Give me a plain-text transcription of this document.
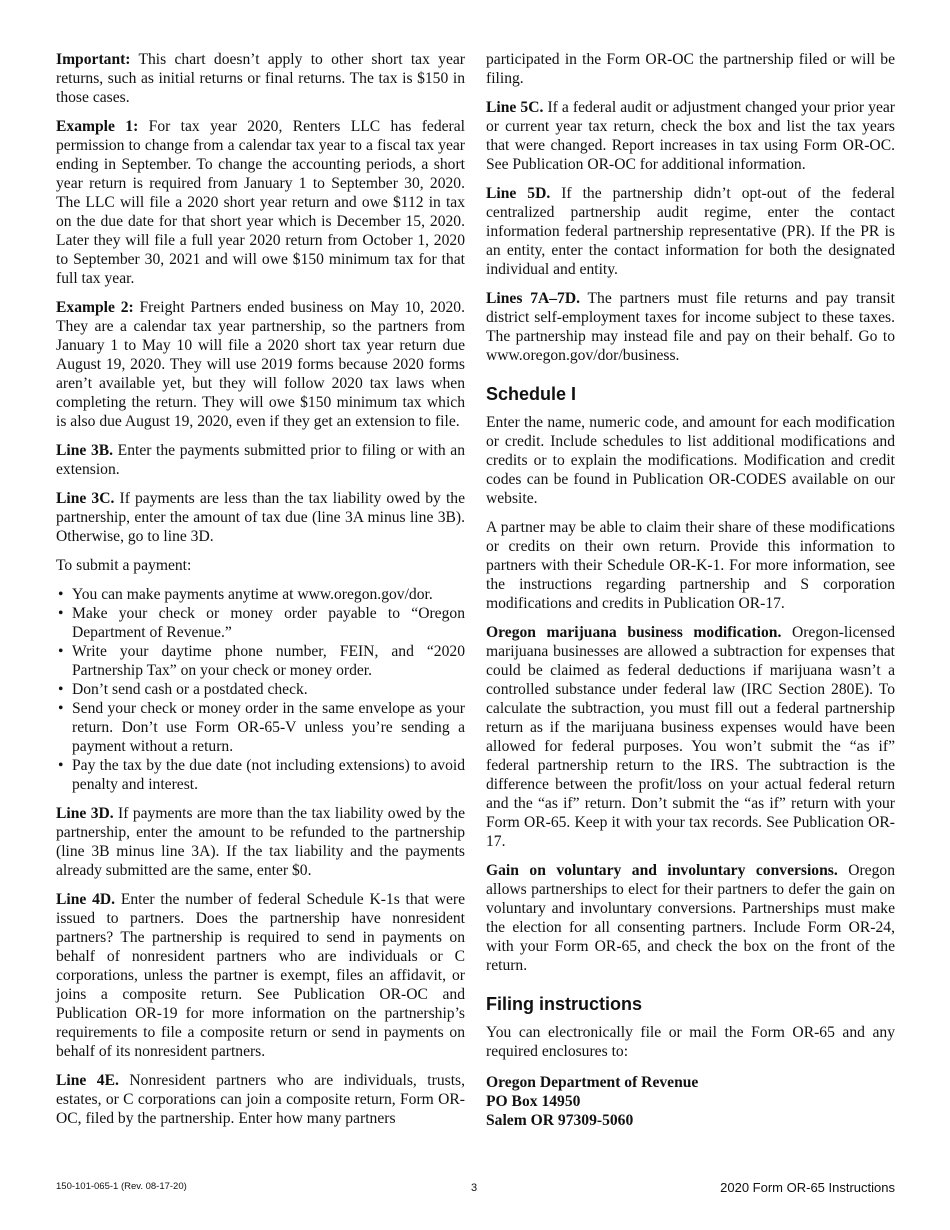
Important: This chart doesn’t apply to other short tax year returns, such as initial returns or final returns. The tax is $150 in those cases.

Example 1: For tax year 2020, Renters LLC has federal permission to change from a calendar tax year to a fiscal tax year ending in September. To change the accounting periods, a short year return is required from January 1 to September 30, 2020. The LLC will file a 2020 short year return and owe $112 in tax on the due date for that short year which is December 15, 2020. Later they will file a full year 2020 return from October 1, 2020 to September 30, 2021 and will owe $150 minimum tax for that full tax year.

Example 2: Freight Partners ended business on May 10, 2020. They are a calendar tax year partnership, so the partners from January 1 to May 10 will file a 2020 short tax year return due August 19, 2020. They will use 2019 forms because 2020 forms aren’t available yet, but they will follow 2020 tax laws when completing the return. They will owe $150 minimum tax which is also due August 19, 2020, even if they get an extension to file.

Line 3B. Enter the payments submitted prior to filing or with an extension.

Line 3C. If payments are less than the tax liability owed by the partnership, enter the amount of tax due (line 3A minus line 3B). Otherwise, go to line 3D.

To submit a payment:

• You can make payments anytime at www.oregon.gov/dor.
• Make your check or money order payable to “Oregon Department of Revenue.”
• Write your daytime phone number, FEIN, and “2020 Partnership Tax” on your check or money order.
• Don’t send cash or a postdated check.
• Send your check or money order in the same envelope as your return. Don’t use Form OR-65-V unless you’re sending a payment without a return.
• Pay the tax by the due date (not including extensions) to avoid penalty and interest.

Line 3D. If payments are more than the tax liability owed by the partnership, enter the amount to be refunded to the partnership (line 3B minus line 3A). If the tax liability and the payments already submitted are the same, enter $0.

Line 4D. Enter the number of federal Schedule K-1s that were issued to partners. Does the partnership have nonresident partners? The partnership is required to send in payments on behalf of nonresident partners who are individuals or C corporations, unless the partner is exempt, files an affidavit, or joins a composite return. See Publication OR-OC and Publication OR-19 for more information on the partnership’s requirements to file a composite return or send in payments on behalf of its nonresident partners.

Line 4E. Nonresident partners who are individuals, trusts, estates, or C corporations can join a composite return, Form OR-OC, filed by the partnership. Enter how many partners

participated in the Form OR-OC the partnership filed or will be filing.

Line 5C. If a federal audit or adjustment changed your prior year or current year tax return, check the box and list the tax years that were changed. Report increases in tax using Form OR-OC. See Publication OR-OC for additional information.

Line 5D. If the partnership didn’t opt-out of the federal centralized partnership audit regime, enter the contact information federal partnership representative (PR). If the PR is an entity, enter the contact information for both the designated individual and entity.

Lines 7A–7D. The partners must file returns and pay transit district self-employment taxes for income subject to these taxes. The partnership may instead file and pay on their behalf. Go to www.oregon.gov/dor/business.

Schedule I

Enter the name, numeric code, and amount for each modification or credit. Include schedules to list additional modifications and credits or to explain the modifications. Modification and credit codes can be found in Publication OR-CODES available on our website.

A partner may be able to claim their share of these modifications or credits on their own return. Provide this information to partners with their Schedule OR-K-1. For more information, see the instructions regarding partnership and S corporation modifications and credits in Publication OR-17.

Oregon marijuana business modification. Oregon-licensed marijuana businesses are allowed a subtraction for expenses that could be claimed as federal deductions if marijuana wasn’t a controlled substance under federal law (IRC Section 280E). To calculate the subtraction, you must fill out a federal partnership return as if the marijuana business expenses would have been allowed for federal purposes. You won’t submit the “as if” federal partnership return to the IRS. The subtraction is the difference between the profit/loss on your actual federal return and the “as if” return. Don’t submit the “as if” return with your Form OR-65. Keep it with your tax records. See Publication OR-17.

Gain on voluntary and involuntary conversions. Oregon allows partnerships to elect for their partners to defer the gain on voluntary and involuntary conversions. Partnerships must make the election for all consenting partners. Include Form OR-24, with your Form OR-65, and check the box on the front of the return.

Filing instructions

You can electronically file or mail the Form OR-65 and any required enclosures to:

Oregon Department of Revenue
PO Box 14950
Salem OR 97309-5060
150-101-065-1 (Rev. 08-17-20)	3	2020 Form OR-65 Instructions
